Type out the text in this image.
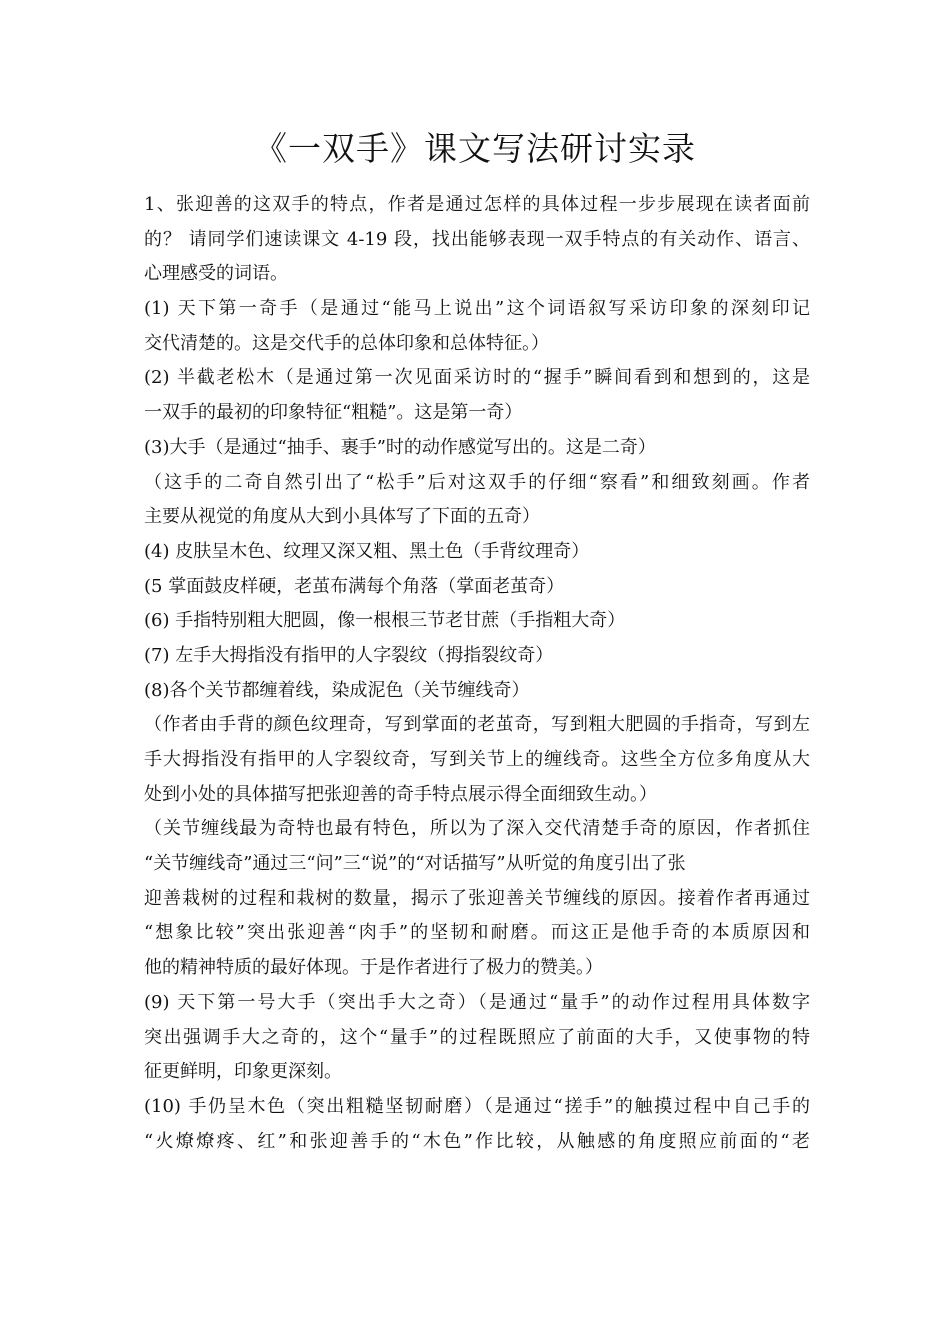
《一双手》课文写法研讨实录
1、张迎善的这双手的特点，作者是通过怎样的具体过程一步步展现在读者面前
的？ 请同学们速读课文 4-19 段，找出能够表现一双手特点的有关动作、语言、
心理感受的词语。
(1) 天下第一奇手（是通过“能马上说出”这个词语叙写采访印象的深刻印记
交代清楚的。这是交代手的总体印象和总体特征。）
(2) 半截老松木（是通过第一次见面采访时的“握手”瞬间看到和想到的，这是
一双手的最初的印象特征“粗糙”。这是第一奇）
(3)大手（是通过“抽手、裹手”时的动作感觉写出的。这是二奇）
（这手的二奇自然引出了“松手”后对这双手的仔细“察看”和细致刻画。作者
主要从视觉的角度从大到小具体写了下面的五奇）
(4) 皮肤呈木色、纹理又深又粗、黑土色（手背纹理奇）
(5 掌面鼓皮样硬，老茧布满每个角落（掌面老茧奇）
(6) 手指特别粗大肥圆，像一根根三节老甘蔗（手指粗大奇）
(7) 左手大拇指没有指甲的人字裂纹（拇指裂纹奇）
(8)各个关节都缠着线，染成泥色（关节缠线奇）
（作者由手背的颜色纹理奇，写到掌面的老茧奇，写到粗大肥圆的手指奇，写到左
手大拇指没有指甲的人字裂纹奇，写到关节上的缠线奇。这些全方位多角度从大
处到小处的具体描写把张迎善的奇手特点展示得全面细致生动。）
（关节缠线最为奇特也最有特色，所以为了深入交代清楚手奇的原因，作者抓住
“关节缠线奇”通过三“问”三“说”的“对话描写”从听觉的角度引出了张
迎善栽树的过程和栽树的数量，揭示了张迎善关节缠线的原因。接着作者再通过
“想象比较”突出张迎善“肉手”的坚韧和耐磨。而这正是他手奇的本质原因和
他的精神特质的最好体现。于是作者进行了极力的赞美。）
(9) 天下第一号大手（突出手大之奇）（是通过“量手”的动作过程用具体数字
突出强调手大之奇的，这个“量手”的过程既照应了前面的大手，又使事物的特
征更鲜明，印象更深刻。
(10) 手仍呈木色（突出粗糙坚韧耐磨）（是通过“搓手”的触摸过程中自己手的
“火燎燎疼、红”和张迎善手的“木色”作比较，从触感的角度照应前面的“老
